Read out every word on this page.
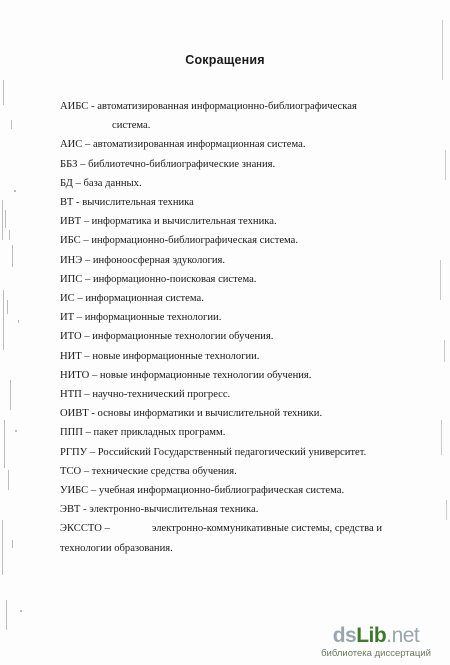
Сокращения
АИБС - автоматизированная информационно-библиографическая
система.
АИС – автоматизированная информационная система.
ББЗ – библиотечно-библиографические знания.
БД – база данных.
ВТ - вычислительная техника
ИВТ – информатика и вычислительная техника.
ИБС – информационно-библиографическая система.
ИНЭ – инфоноосферная эдукология.
ИПС – информационно-поисковая система.
ИС – информационная система.
ИТ – информационные технологии.
ИТО – информационные технологии обучения.
НИТ – новые информационные технологии.
НИТО – новые информационные технологии обучения.
НТП – научно-технический прогресс.
ОИВТ - основы информатики и вычислительной техники.
ППП – пакет прикладных программ.
РГПУ – Российский Государственный педагогический университет.
ТСО – технические средства обучения.
УИБС – учебная информационно-библиографическая система.
ЭВТ - электронно-вычислительная техника.
ЭКССТО –	электронно-коммуникативные системы, средства и
технологии образования.
dsLib.net
библиотека диссертаций
